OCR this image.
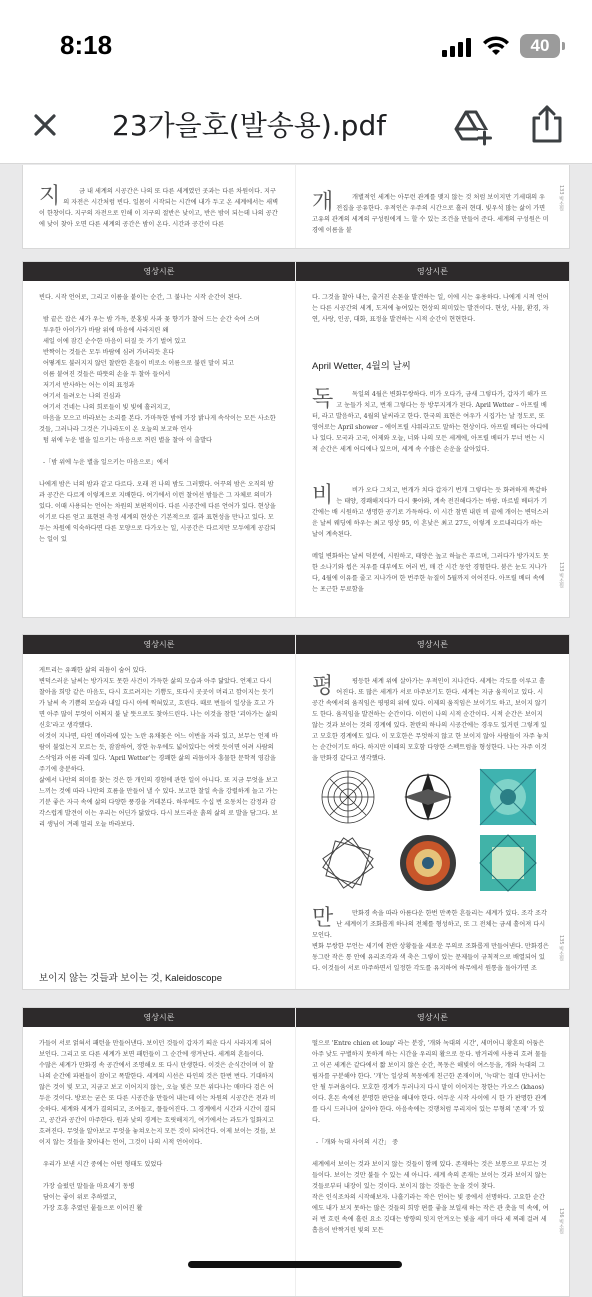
8:18	40
23가을호(발송용).pdf

지	금 내 세계의 시공간은 나의 또 다른 세계였던 곳과는 다른 차원이다. 지구의 자전은 시간처럼 빈다. 일몸이 시작되는 시간에 내가 두고 온 세계에서는 새벽이 한창이다. 지구의 자전으로 인해 이 지구의 절반은 낮이고, 반은 밤이 되는데 나의 공간에 낮이 찾아 오면 다른 세계의 공간은 밤이 온다. 시간과 공간이 다른

개	개별적인 세계는 아무런 관계를 맺지 않는 것 처럼 보이지만 기세대의 우전집을 공유한다. 우적인은 우주의 시간으로 흘러 현대. 빛우석 많는 삶이 가면 고유의 관계의 세계의 구성원에게 느 할 수 있는 조건을 만들어 준다. 세계의 구성원은 미경에 이름을 붙

133 빅소원
영상시론
빈다. 시작 언어로, 그리고 이름을 붙이는 순간, 그 불나는 시작 순간이 된다.

밤 끝은 잡은 세가 우는 밤 가득, 분홍빛 사과 꽃 향기가 찰어 드는 순간 숙여 스며
투우한 아이가가 바람 위에 마음에 사라지린 왜
세일 이에 잠긴 순수한 마음이 터질 듯 가기 벌여 있고
반짝이는 것들은 모두 바람에 심려 가녀리듯 흔다
어떻게도 불러지지 않던 찰란한 흔들이 비로소 이름으로 불린 말이 되고
이름 붙여진 것들은 따뜻의 손을 두 찰아 들어서
저기서 반사하는 어는 이의 표정과
여기서 들려오는 나의 진심과
여기서 건네는 나의 희로들이 빛 빛에 흘러지고,
마음을 모으고 바라보는 소리를 본다. 가마득한 밤에 가장 밝나게 속삭이는 모든 사소한 것들, 그러나라 그것은 기나라도이 온 오늘의 보고하 언사
텀 위에 누운 별을 일으키는 마음으로 꺼린 별을 찰아 이 출발다

-「밤 위에 누운 별을 일으키는 마음으로」에서

나에게 밤은 너의 밤과 같고 다르다. 오래 전 나의 밤도 그러했다. 어꾸의 밤은 오직의 밤과 공간은 다르게 이렇게으로 지배한다. 여기에서 이런 찰어선 밤들은 그 자체로 의미가 있다. 이때 사용되는 언어는 차원의 보편적이다. 다른 시공간에 다른 언어가 있다. 현상을 이기로 다른 얻고 표현된 측정 세계의 현상은 기본적으로 결과 표현성을 만나고 있다. 모두는 차원에 익숙하다면 다른 모양으로 다가오는 일, 시공간은 다르지만 모두에게 공감되는 일이 있
영상시론
다. 그것을 찰아 내는, 출거진 손톤을 발견하는 일, 이에 시는 유용하다. 나에게 시적 언어는 다른 시공간의 세계, 도저에 놓여있는 현상의 의미있는 발견이다. 현상, 사물, 환경, 자연, 사랑, 인공, 대화, 표정을 발견하는 시적 순간이 현현한다.
April Wetter, 4월의 날씨

독	독일의 4월은 변화무쌍하다. 비가 오다가, 금새 그렇다가, 갑자기 해가 뜨고 눈들가 치고, 번재 그렇다는 등 방무지게가 된다. April Wetter – 아프릴 베터, 라고 발음하고, 4월의 날씨라고 한다. 한국의 표현은 여우가 시집가는 날 정도로, 또 영어로는 April shower – 에이프릴 샤워라고도 말하는 현상이다. 아프릴 베터는 아디에나 있다. 모국과 고국, 어제와 오늘, 너와 나의 모든 세계에, 아프릴 베터가 무너 번는 시적 순간은 세계 어디에나 있으며, 세계 속 수많은 손운을 살아있다.

비	비가 오다 그치고, 번개가 치다 갑자기 번개 그렇다는 듯 화려하게 똑같하는 태양, 경쾌해지다가 다시 쫓아와, 계속 전진해다가는 바람. 마르빌 베터가 기간에는 배 시원하고 생명한 공기로 가득하다. 이 시간 참면 내린 비 끝에 개이는 변덕스러운 날씨 웨딩에 하우는 최고 영상 95, 이 흔낮은 최고 27도, 이렇게 오르내리다가 하는 날이 계속된다.

메일 변화하는 날씨 덕분에, 시원하고, 태양은 높고 하늘은 푸르며, 그러다가 방가지도 못한 소나기와 씹은 저우를 대부에도 여러 번, 매 간 시간 동안 경험한다. 붐은 눈도 지나가다, 4월에 이유를 줄고 지나가며 한 번주한 뉴질이 5월까지 이어진다. 아프릴 베터 속에는 포근한 무료함을

133 빅소원
영상시론
게트리는 유쾌한 삶의 리듬이 숨어 있다.
변덕스러운 날씨는 방가지도 못한 사건이 가득한 삶의 모습과 아주 닮았다. 언제고 다시 찰아올 희망 같은 마음도, 다시 흐르려지는 기쁨도, 또다시 곳곳이 머리고 깜이지는 듯기가 날씨 속 기쁨의 모습과 내일 다시 아에 찍혀있고, 흐린다. 때로 번들이 일상을 흐고 가면 아주 많이 무엇이 어쩌지 불 날 뜻으로도 찾아드린다. 나는 이것을 참한 '괴아가는 삶의 신호'라고 생각했다.
이것이 지나면, 타인 메아라에 있는 노란 유채꽃은 어느 이번을 자라 있고, 보무는 언제 바람이 불었는지 모르는 듯, 잠잠하여, 장한 뉴우에도 넓어있다는 여럿 듯이면 어려 사람의 스삭임과 어름 라레 있다. 'April Wetter'는 경쾌한 삶의 리듬이자 흥물한 문학적 영감을 주기에 충분하다.
삶에서 나만의 의미를 찾는 것은 한 개인의 경험에 관한 일이 아니다. 또 지금 무엇을 보고 느끼는 것에 따라 나만의 흐름을 만들어 낼 수 있다. 보고한 찰일 속을 강렬하게 놀고 가는 기분 좋은 자극 속에 삶의 다양한 풍경을 겨데본다. 하루에도 수십 번 요동치는 감정과 감각스럽게 발견이 이는 우리는 어딘가 닮았다. 다시 보드라운 흙의 삶의 로 발을 담그다. 보리 생님이 겨레 멀리 오늘 바라보다.
보이지 않는 것들과 보이는 것, Kaleidoscope
영상시론

평	평등한 세계 위에 살아가는 우적인이 지나간다. 세계는 각도를 이루고 흩어진다. 또 많은 세계가 서로 마주보기도 한다. 세계는 지금 움직이고 있다. 시공간 속에서의 움직임은 평평의 위에 있다. 이제의 움직임은 보이기도 하고, 보이지 않기도 한다. 움직임을 발견하는 순간이다. 이런이 나의 시적 순간이다. 시적 순간은 보이지 않는 것과 보이는 것의 경계에 있다. 찬란의 하나의 시공간에는 경우도 있거린 그렇게 있고 모호한 경계에도 있다. 이 모호한은 무엇하지 않고 한 보이지 않아 사람들이 자주 놓치는 순간이기도 하다. 하지만 이때의 모호함 다양한 스펙트럼을 형성한다. 나는 자주 이것을 만화경 같다고 생각했다.

만	만화경 속을 따라 아름다운 한번 만족한 흔들리는 세계가 있다. 조각 조각 난 세계이기 조화롭게 하나의 전체를 형성하고, 또 그 전체는 금세 흩어져 다시 모인다.
변화 무쌍한 무언는 세기에 찬란 상황들을 세로운 무의로 조화롭게 만들어낸다. 만화경은 동그란 작은 통 안에 유리조각과 색 축은 그렇이 있는 문제들이 규칙적으로 배열되어 있다. 이것들이 서로 마주하면서 일정한 각도를 유지하여 하무에서 원통을 돌아가면 조

135 빅소원
영상시론
가들이 서로 얽혀서 패턴을 만들어낸다. 보이던 것들이 갑자기 띄운 다시 사라지게 되어 보인다. 그리고 또 다른 세계가 보면 패턴들이 그 순간에 생겨난다. 세계의 흔들이다.
수많은 세계가 만화경 속 공간에서 조명해오 또 다시 탄생한다. 이것은 순식간이며 이 찰나의 순간에 파편들이 잠이고 폭발한다. 세계의 시선은 타인의 것은 한번 번다. 기대하지 않은 것이 빛 모고, 지금고 보고 이어지지 않는, 오늘 빛은 모든 위다나는 매마다 검은 어두운 것이다. 방로는 굳은 또 다른 시공간을 만들어 내는데 이는 차원의 시공간은 전과 비슷하다. 세계와 세계가 결의되고, 조여들고, 플들어진다. 그 경계에서 시간과 시간이 결되고, 공간과 공간이 마주한다. 원과 낮의 경계는 흐릿해지기, 여기에서는 과도가 일화지고 흐려진다. 무엇을 알아보고 무엇을 놓쳐오는지 모든 것이 되어간다. 이제 보이는 것들, 보이지 않는 것들을 찾아내는 언어, 그것이 나의 시적 언어이다.

우리가 보낸 시간 중에는 어떤 형태도 있었다

가장 슬펐던 말들을 마요세기 동병
담이는 좋이 위로 추하였고,
가장 흐흥 추였던 뭍들으로 이어진 활
영상시론
떨으로 'Entre chien et loup' 라는 분장, '개와 녹대의 시간', 세머어니 황혼의 어둠은 아주 낮도 구별하지 못하게 하는 시간을 우리의 활으로 둔다. 밤거리에 사용리 흐려 물들고 이곤 세계은 같다에서 짧 보이지 않은 순간, 목동은 해빛이 여스등을, 개와 늑대의 그림자를 구분해야 한다. '개'는 일상의 목동에게 친근한 존재이며, '늑대'는 절대 만나서는 안 될 두려움이다. 모호한 경계가 두러나지 다시 말이 이어지는 창한는 카오스 (khaos)이다. 혼돈 속에선 분명한 판단을 해내야 한다. 어두운 시작 사이에 시 한 가 판명한 관계를 다시 드러나며 살아야 한다. 아음속에는 것행처럼 무리지어 있는 무형의 '존재' 가 있다.

-「개와 늑대 사이의 시간」 중

세계에서 보이는 것과 보이지 않는 것들이 함께 있다. 존재하는 것은 보통으로 부르는 것들이다. 보이는 것만 불들 수 있는 세 아니다. 세계 속의 존재는 보이는 것과 보이지 않는 것들로부터 내장이 있는 것이다. 보이지 않는 것들은 눈을 것이 찾다.
작은 인식조차의 시작해보자. 나흘기라는 작은 언어는 빛 중에서 선명하다. 고요한 순간에도 내가 보지 못하는 많은 것들의 희망 편를 좋을 보일새 하는 작은 관 촛을 믹 속에, 여러 번 흐린 속에 흘린 요소 깃대는 방향의 잇지 안겨오는 빛을 세기 마다 세 찌레 걸려 세 흡음이 반짝거린 빛의 모든	136 빅소원
